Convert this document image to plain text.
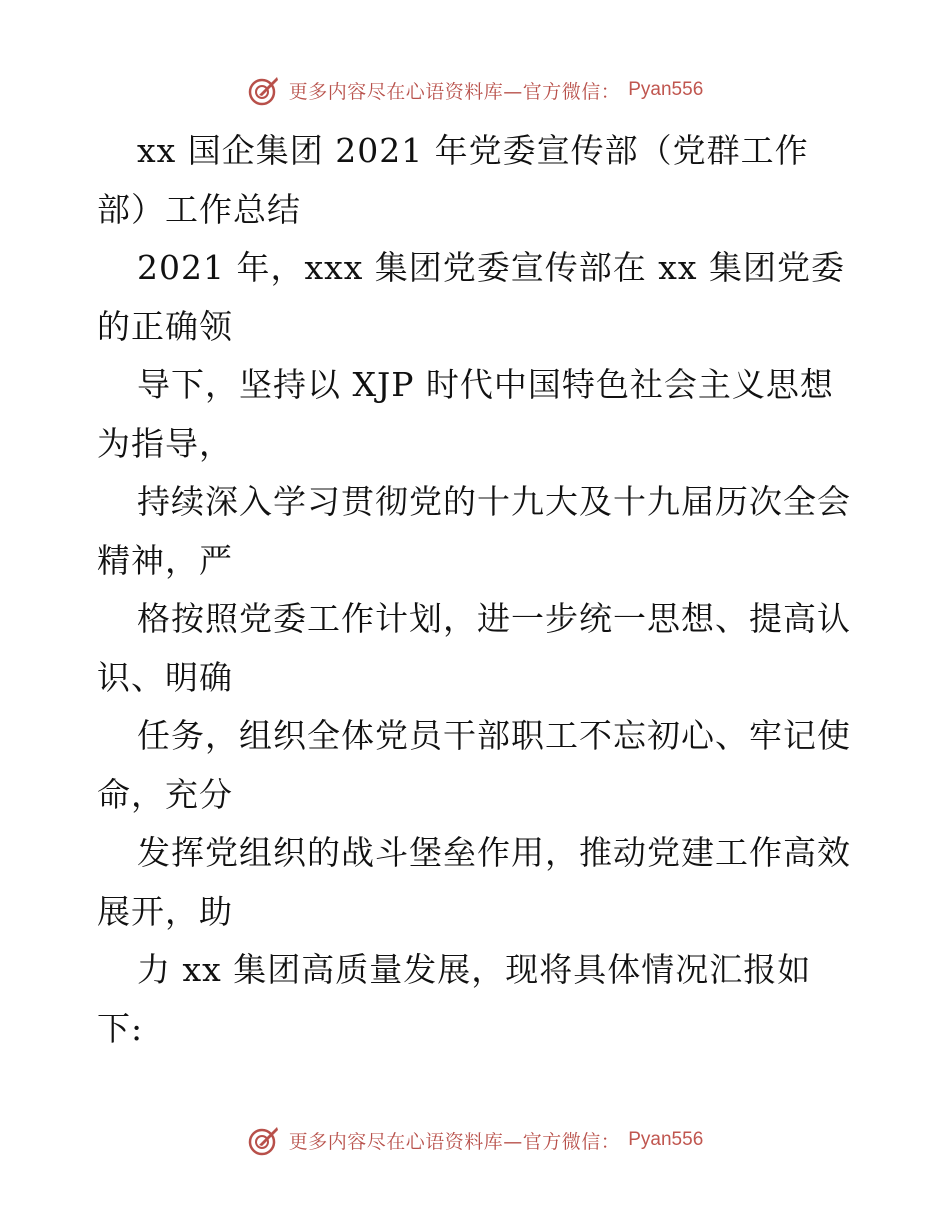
更多内容尽在心语资料库—官方微信： Pyan556
xx 国企集团 2021 年党委宣传部（党群工作
部）工作总结
2021 年，xxx 集团党委宣传部在 xx 集团党委
的正确领
导下，坚持以 XJP 时代中国特色社会主义思想
为指导，
持续深入学习贯彻党的十九大及十九届历次全会
精神，严
格按照党委工作计划，进一步统一思想、提高认
识、明确
任务，组织全体党员干部职工不忘初心、牢记使
命，充分
发挥党组织的战斗堡垒作用，推动党建工作高效
展开，助
力 xx 集团高质量发展，现将具体情况汇报如
下:
更多内容尽在心语资料库—官方微信： Pyan556
